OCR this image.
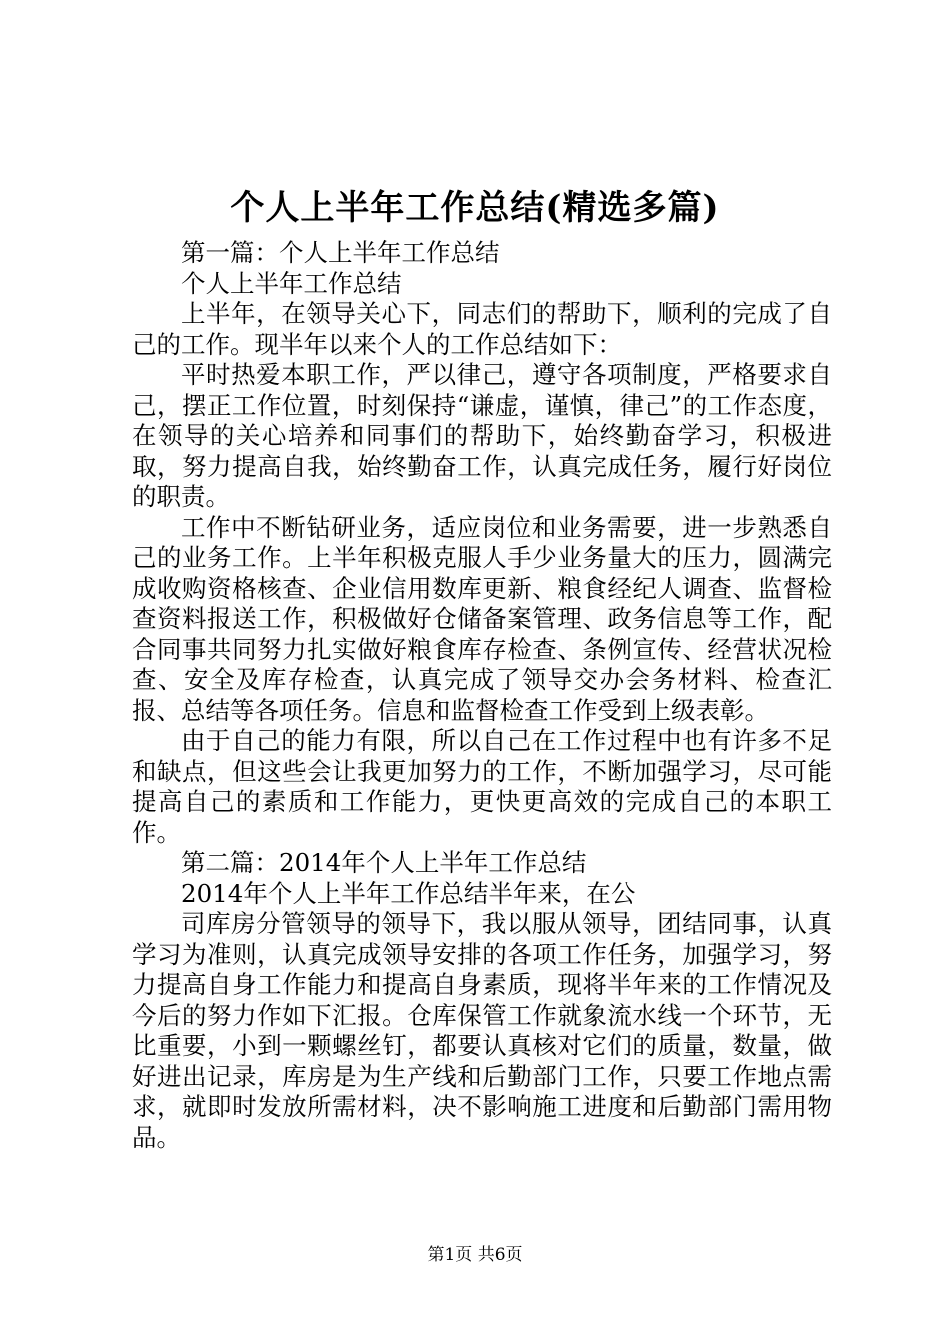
个人上半年工作总结(精选多篇)

第一篇：个人上半年工作总结

个人上半年工作总结

上半年，在领导关心下，同志们的帮助下，顺利的完成了自己的工作。现半年以来个人的工作总结如下：

平时热爱本职工作，严以律己，遵守各项制度，严格要求自己，摆正工作位置，时刻保持“谦虚，谨慎，律己”的工作态度，在领导的关心培养和同事们的帮助下，始终勤奋学习，积极进取，努力提高自我，始终勤奋工作，认真完成任务，履行好岗位的职责。

工作中不断钻研业务，适应岗位和业务需要，进一步熟悉自己的业务工作。上半年积极克服人手少业务量大的压力，圆满完成收购资格核查、企业信用数库更新、粮食经纪人调查、监督检查资料报送工作，积极做好仓储备案管理、政务信息等工作，配合同事共同努力扎实做好粮食库存检查、条例宣传、经营状况检查、安全及库存检查，认真完成了领导交办会务材料、检查汇报、总结等各项任务。信息和监督检查工作受到上级表彰。

由于自己的能力有限，所以自己在工作过程中也有许多不足和缺点，但这些会让我更加努力的工作，不断加强学习，尽可能提高自己的素质和工作能力，更快更高效的完成自己的本职工作。

第二篇：2014年个人上半年工作总结

2014年个人上半年工作总结半年来，在公

司库房分管领导的领导下，我以服从领导，团结同事，认真学习为准则，认真完成领导安排的各项工作任务，加强学习，努力提高自身工作能力和提高自身素质，现将半年来的工作情况及今后的努力作如下汇报。仓库保管工作就象流水线一个环节，无比重要，小到一颗螺丝钉，都要认真核对它们的质量，数量，做好进出记录，库房是为生产线和后勤部门工作，只要工作地点需求，就即时发放所需材料，决不影响施工进度和后勤部门需用物品。

第1页 共6页
